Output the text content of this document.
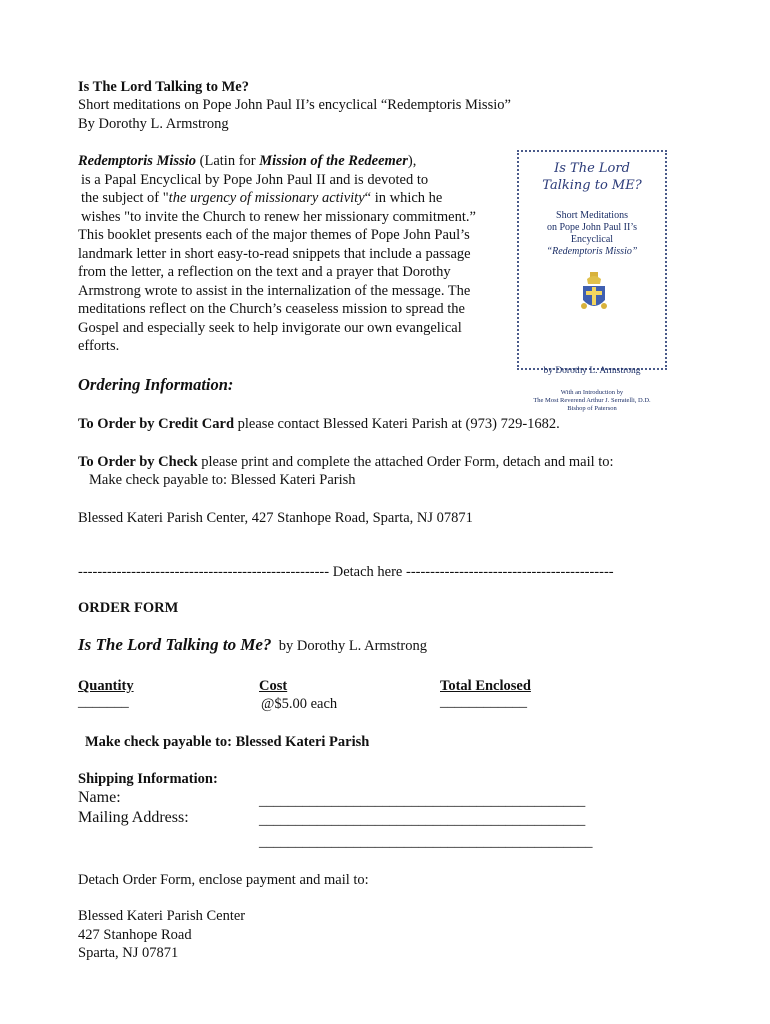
Is The Lord Talking to Me?
Short meditations on Pope John Paul II’s encyclical “Redemptoris Missio”
By Dorothy L. Armstrong
Redemptoris Missio (Latin for Mission of the Redeemer),
is a Papal Encyclical by Pope John Paul II and is devoted to
the subject of "the urgency of missionary activity“ in which he
wishes "to invite the Church to renew her missionary commitment.”
This booklet presents each of the major themes of Pope John Paul’s
landmark letter in short easy-to-read snippets that include a passage
from the letter, a reflection on the text and a prayer that Dorothy
Armstrong wrote to assist in the internalization of the message. The
meditations reflect on the Church’s ceaseless mission to spread the
Gospel and especially seek to help invigorate our own evangelical
efforts.
Is The Lord
Talking to ME?
Short Meditations
on Pope John Paul II’s
Encyclical
“Redemptoris Missio”
by Dorothy L. Armstrong
With an Introduction by
The Most Reverend Arthur J. Serratelli, D.D.
Bishop of Paterson
Ordering Information:
To Order by Credit Card please contact Blessed Kateri Parish at (973) 729-1682.
To Order by Check please print and complete the attached Order Form, detach and mail to:
Make check payable to: Blessed Kateri Parish
Blessed Kateri Parish Center, 427 Stanhope Road, Sparta, NJ 07871
---------------------------------------------------- Detach here -------------------------------------------
ORDER FORM
Is The Lord Talking to Me? by Dorothy L. Armstrong
Quantity
_______
Cost
@$5.00 each
Total Enclosed
____________
Make check payable to: Blessed Kateri Parish
Shipping Information:
Name:
Mailing Address:
_____________________________________________
_____________________________________________
______________________________________________
Detach Order Form, enclose payment and mail to:
Blessed Kateri Parish Center
427 Stanhope Road
Sparta, NJ 07871
